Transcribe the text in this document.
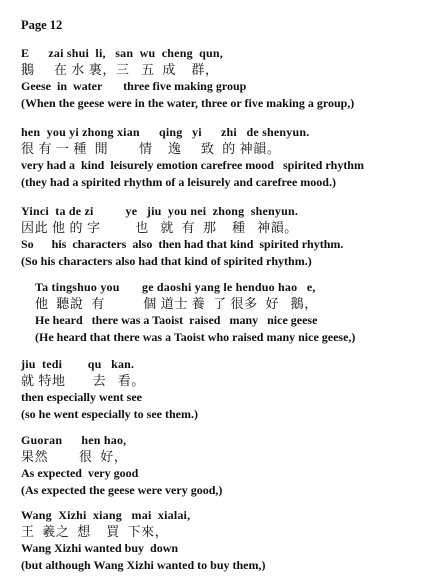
Page 12
E      zai shui  li,   san  wu  cheng  qun,
鵝     在 水 裏，三   五  成    群，
Geese  in  water       three five making group
(When the geese were in the water, three or five making a group,)
hen  you yi zhong xian      qing   yi      zhi   de shenyun.
很 有 一 種  閒        情    逸     致  的 神韻。
very had a  kind  leisurely emotion carefree mood   spirited rhythm
(they had a spirited rhythm of a leisurely and carefree mood.)
Yinci  ta de zi          ye   jiu  you nei  zhong  shenyun.
因此 他 的 字         也   就  有  那    種   神韻。
So      his  characters  also  then had that kind  spirited rhythm.
(So his characters also had that kind of spirited rhythm.)
Ta tingshuo you       ge daoshi yang le henduo hao   e,
他  聽說  有          個 道士 養  了 很多  好   鵝，
He heard   there was a Taoist  raised   many   nice geese
(He heard that there was a Taoist who raised many nice geese,)
jiu  tedi        qu   kan.
就 特地       去   看。
then especially went see
(so he went especially to see them.)
Guoran      hen hao,
果然        很  好，
As expected  very good
(As expected the geese were very good,)
Wang  Xizhi  xiang   mai  xialai,
王  羲之  想    買  下來，
Wang Xizhi wanted buy  down
(but although Wang Xizhi wanted to buy them,)
